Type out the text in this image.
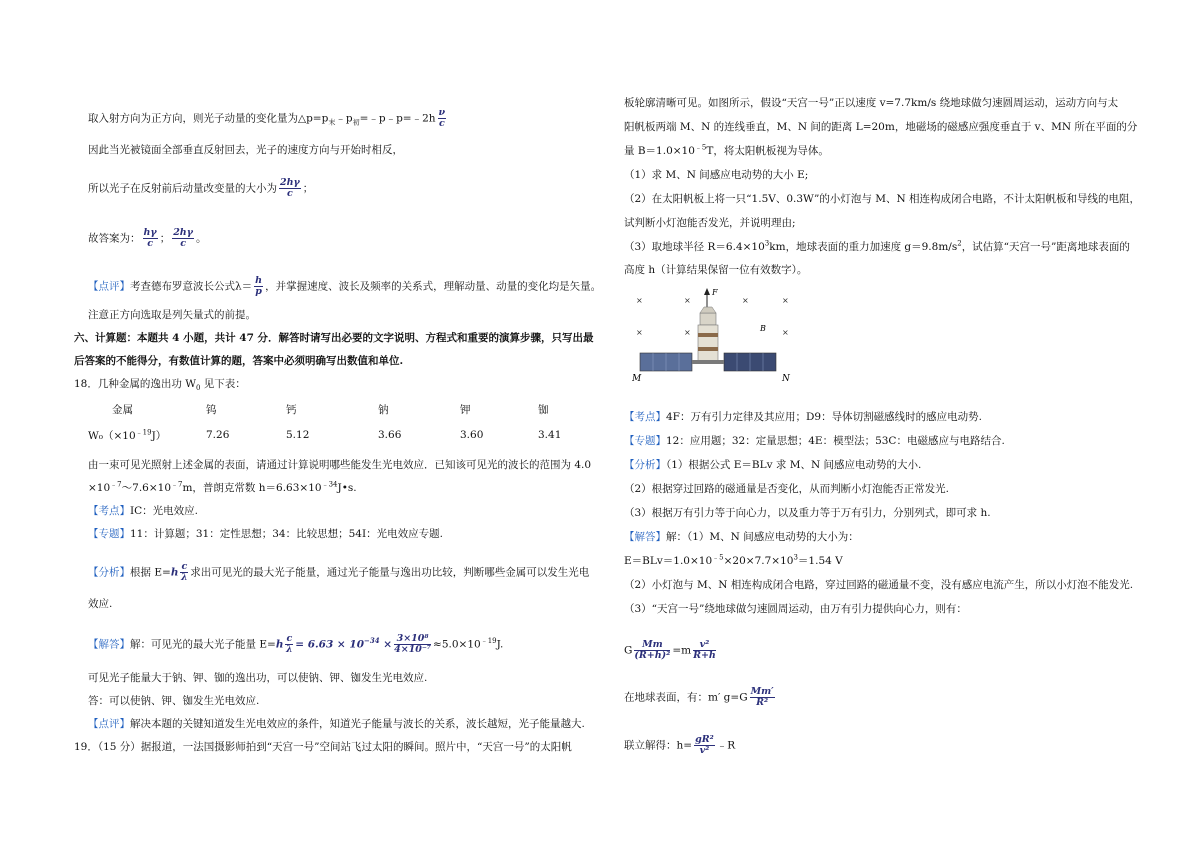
取入射方向为正方向，则光子动量的变化量为$\triangle p=p_末﹣p_初=﹣p﹣p=﹣2h \frac{\nu}{c}$
因此当光被镜面全部垂直反射回去，光子的速度方向与开始时相反，
所以光子在反射前后动量改变量的大小为 $\frac{2h\gamma}{c}$ ；
故答案为： $\frac{h\gamma}{c}$ ； $\frac{2h\gamma}{c}$ 。
【点评】考查德布罗意波长公式$\lambda= \frac{h}{p}$ ，并掌握速度、波长及频率的关系式，理解动量、动量的变化均是矢量。
注意正方向选取是列矢量式的前提。
六、计算题：本题共 4 小题，共计 47 分．解答时请写出必要的文字说明、方程式和重要的演算步骤，只写出最
后答案的不能得分，有数值计算的题，答案中必须明确写出数值和单位.
18．几种金属的逸出功 $W_0$ 见下表：
金属	钨	钙	钠	钾	铷
$W_0(\times 10^{﹣19}J)$	7.26	5.12	3.66	3.60	3.41
由一束可见光照射上述金属的表面，请通过计算说明哪些能发生光电效应．已知该可见光的波长的范围为 4.0
$\times 10^{﹣7}\sim 7.6\times 10^{﹣7}m$，普朗克常数 $h=6.63\times 10^{﹣34}J•s$.
【考点】IC：光电效应.
【专题】11：计算题；31：定性思想；34：比较思想；54I：光电效应专题.
【分析】根据 $E=h \frac{c}{\lambda}$ 求出可见光的最大光子能量，通过光子能量与逸出功比较，判断哪些金属可以发生光电
效应.
【解答】解：可见光的最大光子能量 $E=h \frac{c}{\lambda} = 6.63 \times 10^{-34} \times \frac{\text{3×10⁸}}{\text{4×10⁻⁷}} \approx 5.0\times 10^{﹣19}J$.
可见光子能量大于钠、钾、铷的逸出功，可以使钠、钾、铷发生光电效应.
答：可以使钠、钾、铷发生光电效应.
【点评】解决本题的关键知道发生光电效应的条件，知道光子能量与波长的关系，波长越短，光子能量越大.
19．（15 分）据报道，一法国摄影师拍到“天宫一号”空间站飞过太阳的瞬间。照片中，“天宫一号”的太阳帆
板轮廓清晰可见。如图所示，假设“天宫一号”正以速度 v=7.7km/s 绕地球做匀速圆周运动，运动方向与太
阳帆板两端 M、N 的连线垂直，M、N 间的距离 L=20m，地磁场的磁感应强度垂直于 v、MN 所在平面的分
量 $B=1.0\times 10^{﹣5}T$，将太阳帆板视为导体。
（1）求 M、N 间感应电动势的大小 E;
（2）在太阳帆板上将一只“1.5V、0.3W”的小灯泡与 M、N 相连构成闭合电路，不计太阳帆板和导线的电阻，
试判断小灯泡能否发光，并说明理由;
（3）取地球半径 $R=6.4\times 10^3km$，地球表面的重力加速度 $g=9.8m/s^2$，试估算“天宫一号”距离地球表面的
高度 h（计算结果保留一位有效数字）。
×	×	×	×
×	×	×
F
B
M	N
【考点】4F：万有引力定律及其应用；D9：导体切割磁感线时的感应电动势.
【专题】12：应用题；32：定量思想；4E：模型法；53C：电磁感应与电路结合.
【分析】（1）根据公式 E＝BLv 求 M、N 间感应电动势的大小.
（2）根据穿过回路的磁通量是否变化，从而判断小灯泡能否正常发光.
（3）根据万有引力等于向心力，以及重力等于万有引力，分别列式，即可求 h.
【解答】解：（1）M、N 间感应电动势的大小为：
$E=BLv=1.0\times 10^{﹣5}\times 20\times 7.7\times 10^3=1.54$ V
（2）小灯泡与 M、N 相连构成闭合电路，穿过回路的磁通量不变，没有感应电流产生，所以小灯泡不能发光.
（3）“天宫一号”绕地球做匀速圆周运动，由万有引力提供向心力，则有：
G $\frac{Mm}{\text{(R+h)²}} =m \frac{\text{v²}}{R+h}$
在地球表面，有：m′ $g=G \frac{Mm'}{\text{R²}}$
联立解得：$h= \frac{\text{gR²}}{\text{v²}}$ ﹣R
